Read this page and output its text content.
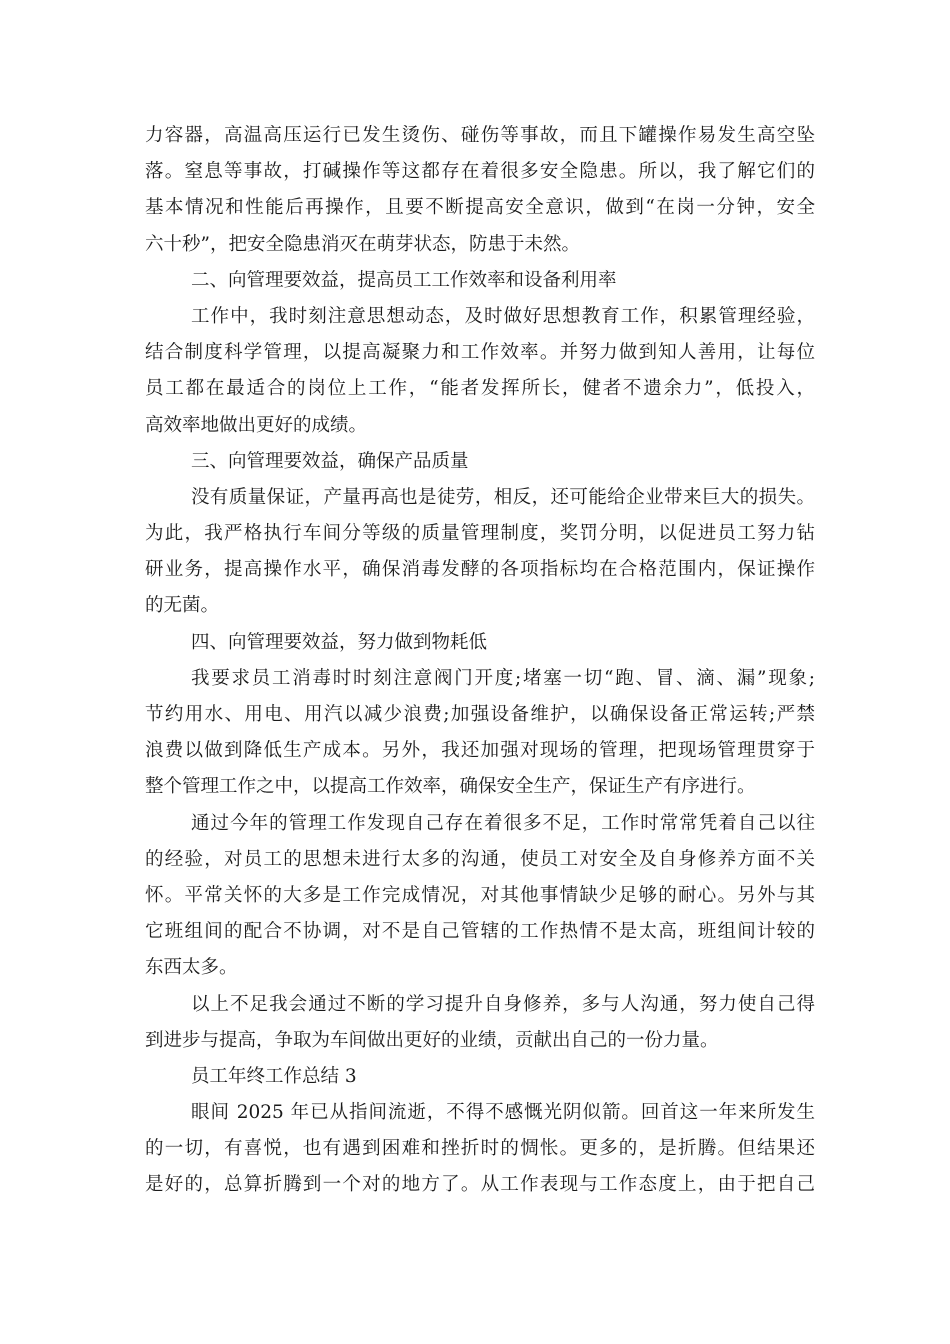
力容器，高温高压运行已发生烫伤、碰伤等事故，而且下罐操作易发生高空坠
落。窒息等事故，打碱操作等这都存在着很多安全隐患。所以，我了解它们的
基本情况和性能后再操作，且要不断提高安全意识，做到“在岗一分钟，安全
六十秒”，把安全隐患消灭在萌芽状态，防患于未然。
二、向管理要效益，提高员工工作效率和设备利用率
工作中，我时刻注意思想动态，及时做好思想教育工作，积累管理经验，
结合制度科学管理，以提高凝聚力和工作效率。并努力做到知人善用，让每位
员工都在最适合的岗位上工作，“能者发挥所长，健者不遗余力”，低投入，
高效率地做出更好的成绩。
三、向管理要效益，确保产品质量
没有质量保证，产量再高也是徒劳，相反，还可能给企业带来巨大的损失。
为此，我严格执行车间分等级的质量管理制度，奖罚分明，以促进员工努力钻
研业务，提高操作水平，确保消毒发酵的各项指标均在合格范围内，保证操作
的无菌。
四、向管理要效益，努力做到物耗低
我要求员工消毒时时刻注意阀门开度;堵塞一切“跑、冒、滴、漏”现象;
节约用水、用电、用汽以减少浪费;加强设备维护，以确保设备正常运转;严禁
浪费以做到降低生产成本。另外，我还加强对现场的管理，把现场管理贯穿于
整个管理工作之中，以提高工作效率，确保安全生产，保证生产有序进行。
通过今年的管理工作发现自己存在着很多不足，工作时常常凭着自己以往
的经验，对员工的思想未进行太多的沟通，使员工对安全及自身修养方面不关
怀。平常关怀的大多是工作完成情况，对其他事情缺少足够的耐心。另外与其
它班组间的配合不协调，对不是自己管辖的工作热情不是太高，班组间计较的
东西太多。
以上不足我会通过不断的学习提升自身修养，多与人沟通，努力使自己得
到进步与提高，争取为车间做出更好的业绩，贡献出自己的一份力量。
员工年终工作总结 3
眼间 2025 年已从指间流逝，不得不感慨光阴似箭。回首这一年来所发生
的一切，有喜悦，也有遇到困难和挫折时的惆怅。更多的，是折腾。但结果还
是好的，总算折腾到一个对的地方了。从工作表现与工作态度上，由于把自己
